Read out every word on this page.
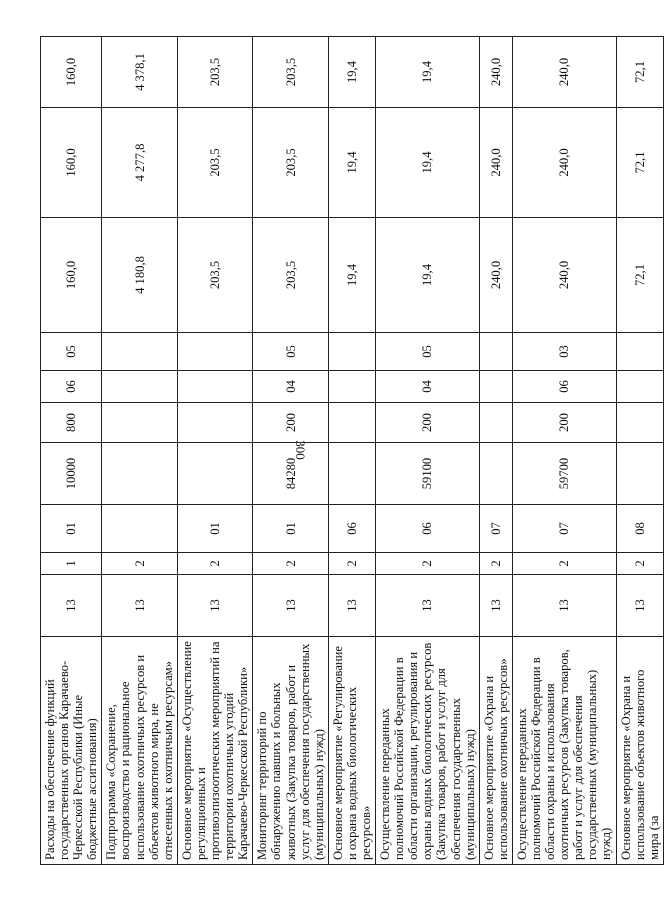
300
Расходы на обеспечение функций государственных органов Карачаево-Черкесской Республики (Иные бюджетные ассигнования)	13	1	01	10000	800	06	05	160,0	160,0	160,0
Подпрограмма «Сохранение, воспроизводство и рациональное использование охотничьих ресурсов и объектов животного мира, не отнесенных к охотничьим ресурсам»	13	2						4 180,8	4 277,8	4 378,1
Основное мероприятие «Осуществление регуляционных и противоэпизоотических мероприятий на территории охотничьих угодий Карачаево-Черкесской Республики»	13	2	01					203,5	203,5	203,5
Мониторинг территорий по обнаружению павших и больных животных (Закупка товаров, работ и услуг для обеспечения государственных (муниципальных) нужд)	13	2	01	84280	200	04	05	203,5	203,5	203,5
Основное мероприятие «Регулирование и охрана водных биологических ресурсов»	13	2	06					19,4	19,4	19,4
Осуществление переданных полномочий Российской Федерации в области организации, регулирования и охраны водных биологических ресурсов (Закупка товаров, работ и услуг для обеспечения государственных (муниципальных) нужд)	13	2	06	59100	200	04	05	19,4	19,4	19,4
Основное мероприятие «Охрана и использование охотничьих ресурсов»	13	2	07					240,0	240,0	240,0
Осуществление переданных полномочий Российской Федерации в области охраны и использования охотничьих ресурсов (Закупка товаров, работ и услуг для обеспечения государственных (муниципальных) нужд)	13	2	07	59700	200	06	03	240,0	240,0	240,0
Основное мероприятие «Охрана и использование объектов животного мира (за	13	2	08					72,1	72,1	72,1
